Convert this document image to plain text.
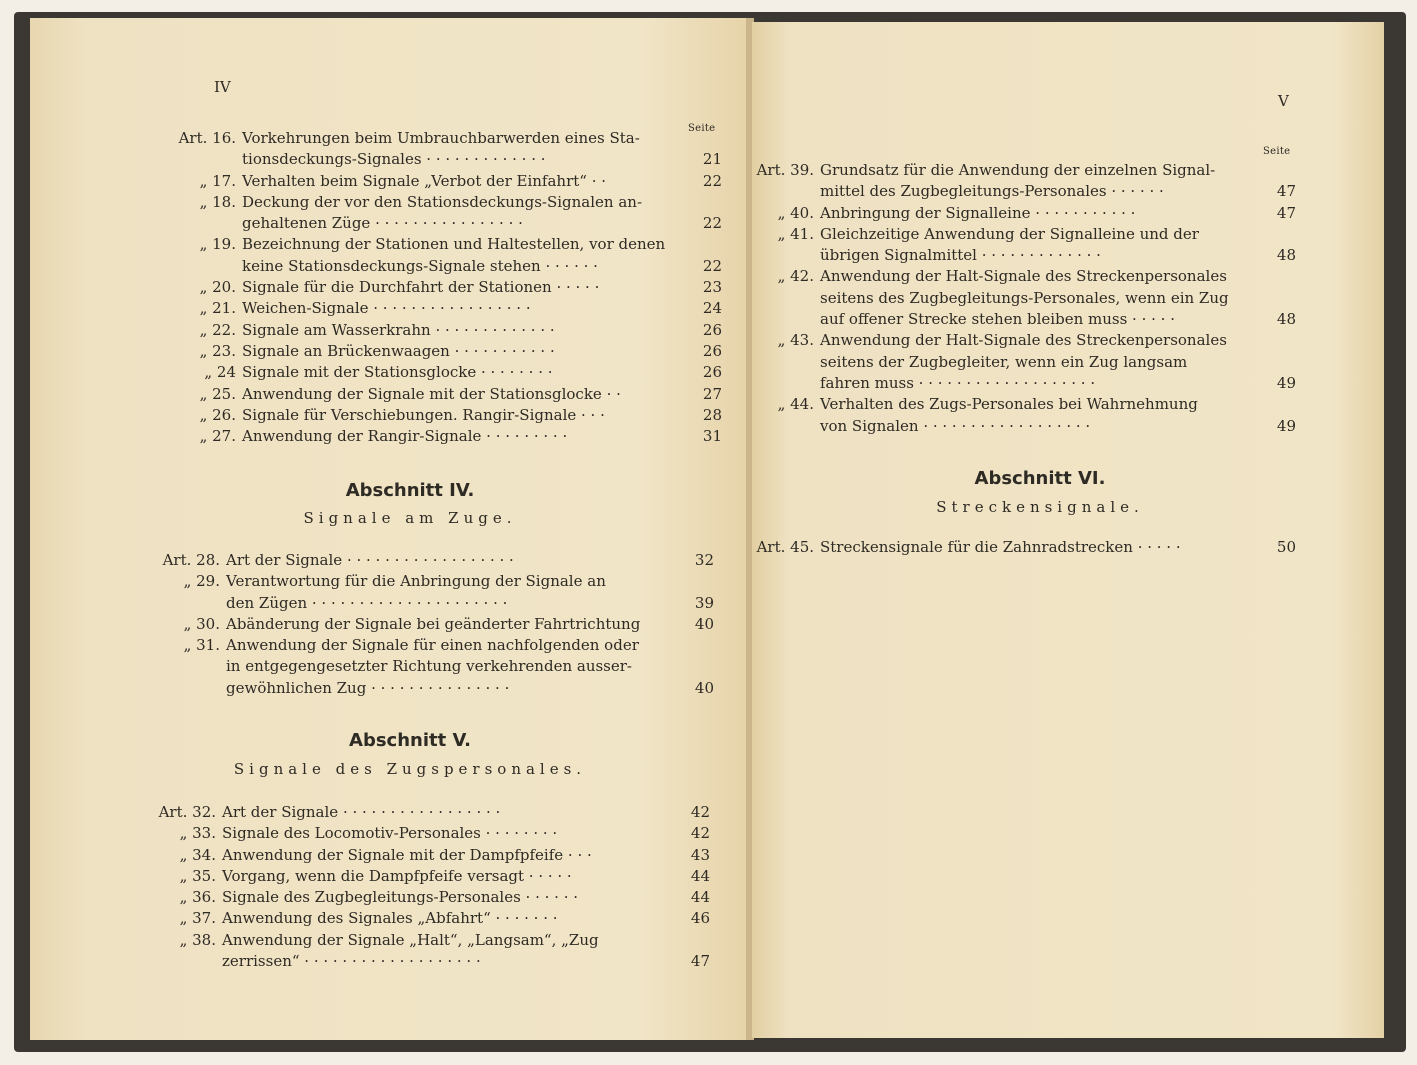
IV
Seite
Art. 16. Vorkehrungen beim Umbrauchbarwerden eines Sta-
tionsdeckungs-Signales · · · · · · · · · · · · ·	21
„ 17. Verhalten beim Signale „Verbot der Einfahrt“ · ·	22
„ 18. Deckung der vor den Stationsdeckungs-Signalen an-
gehaltenen Züge · · · · · · · · · · · · · · · ·	22
„ 19. Bezeichnung der Stationen und Haltestellen, vor denen
keine Stationsdeckungs-Signale stehen · · · · · ·	22
„ 20. Signale für die Durchfahrt der Stationen · · · · ·	23
„ 21. Weichen-Signale · · · · · · · · · · · · · · · · ·	24
„ 22. Signale am Wasserkrahn · · · · · · · · · · · · ·	26
„ 23. Signale an Brückenwaagen · · · · · · · · · · ·	26
„ 24 Signale mit der Stationsglocke · · · · · · · ·	26
„ 25. Anwendung der Signale mit der Stationsglocke · ·	27
„ 26. Signale für Verschiebungen. Rangir-Signale · · ·	28
„ 27. Anwendung der Rangir-Signale · · · · · · · · ·	31
Abschnitt IV.
Signale am Zuge.
Art. 28. Art der Signale · · · · · · · · · · · · · · · · · ·	32
„ 29. Verantwortung für die Anbringung der Signale an
den Zügen · · · · · · · · · · · · · · · · · · · · ·	39
„ 30. Abänderung der Signale bei geänderter Fahrtrichtung	40
„ 31. Anwendung der Signale für einen nachfolgenden oder
in entgegengesetzter Richtung verkehrenden ausser-
gewöhnlichen Zug · · · · · · · · · · · · · · ·	40
Abschnitt V.
Signale des Zugspersonales.
Art. 32. Art der Signale · · · · · · · · · · · · · · · · ·	42
„ 33. Signale des Locomotiv-Personales · · · · · · · ·	42
„ 34. Anwendung der Signale mit der Dampfpfeife · · ·	43
„ 35. Vorgang, wenn die Dampfpfeife versagt · · · · ·	44
„ 36. Signale des Zugbegleitungs-Personales · · · · · ·	44
„ 37. Anwendung des Signales „Abfahrt“ · · · · · · ·	46
„ 38. Anwendung der Signale „Halt“, „Langsam“, „Zug
zerrissen“ · · · · · · · · · · · · · · · · · · ·	47
V
Seite
Art. 39. Grundsatz für die Anwendung der einzelnen Signal-
mittel des Zugbegleitungs-Personales · · · · · ·	47
„ 40. Anbringung der Signalleine · · · · · · · · · · ·	47
„ 41. Gleichzeitige Anwendung der Signalleine und der
übrigen Signalmittel · · · · · · · · · · · · ·	48
„ 42. Anwendung der Halt-Signale des Streckenpersonales
seitens des Zugbegleitungs-Personales, wenn ein Zug
auf offener Strecke stehen bleiben muss · · · · ·	48
„ 43. Anwendung der Halt-Signale des Streckenpersonales
seitens der Zugbegleiter, wenn ein Zug langsam
fahren muss · · · · · · · · · · · · · · · · · · ·	49
„ 44. Verhalten des Zugs-Personales bei Wahrnehmung
von Signalen · · · · · · · · · · · · · · · · · ·	49
Abschnitt VI.
Streckensignale.
Art. 45. Streckensignale für die Zahnradstrecken · · · · ·	50
